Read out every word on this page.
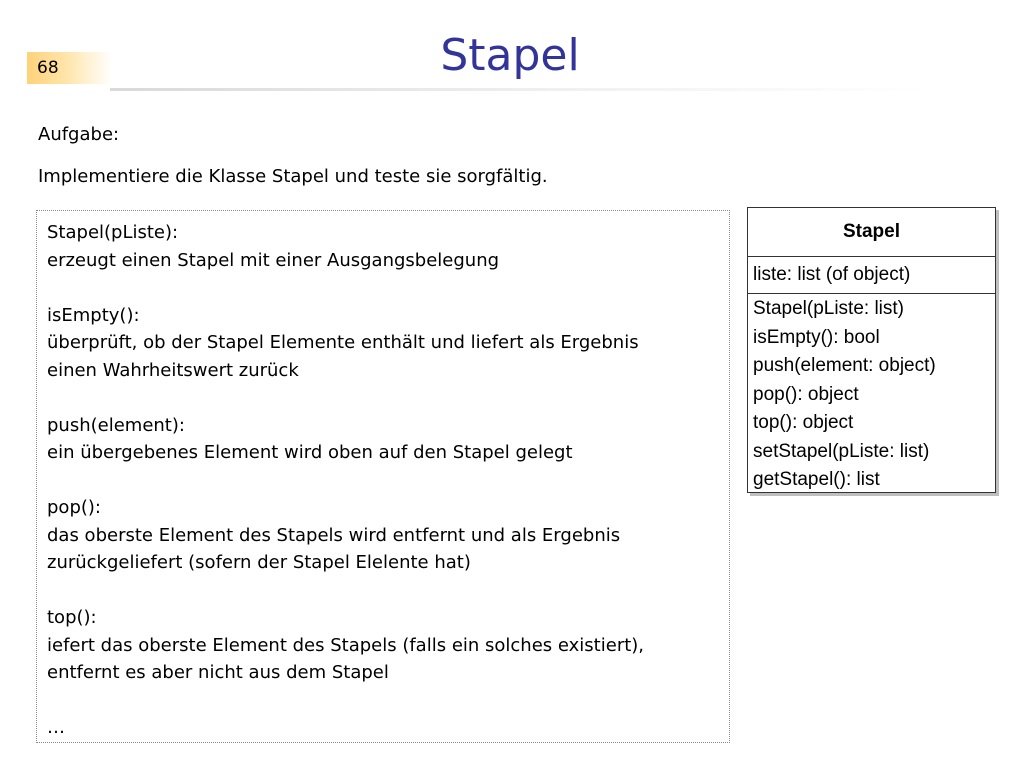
68	Stapel
Aufgabe:
Implementiere die Klasse Stapel und teste sie sorgfältig.
Stapel(pListe):
erzeugt einen Stapel mit einer Ausgangsbelegung
isEmpty():
überprüft, ob der Stapel Elemente enthält und liefert als Ergebnis
einen Wahrheitswert zurück
push(element):
ein übergebenes Element wird oben auf den Stapel gelegt
pop():
das oberste Element des Stapels wird entfernt und als Ergebnis
zurückgeliefert (sofern der Stapel Elelente hat)
top():
iefert das oberste Element des Stapels (falls ein solches existiert),
entfernt es aber nicht aus dem Stapel
…
Stapel
liste: list (of object)
Stapel(pListe: list)
isEmpty(): bool
push(element: object)
pop(): object
top(): object
setStapel(pListe: list)
getStapel(): list
